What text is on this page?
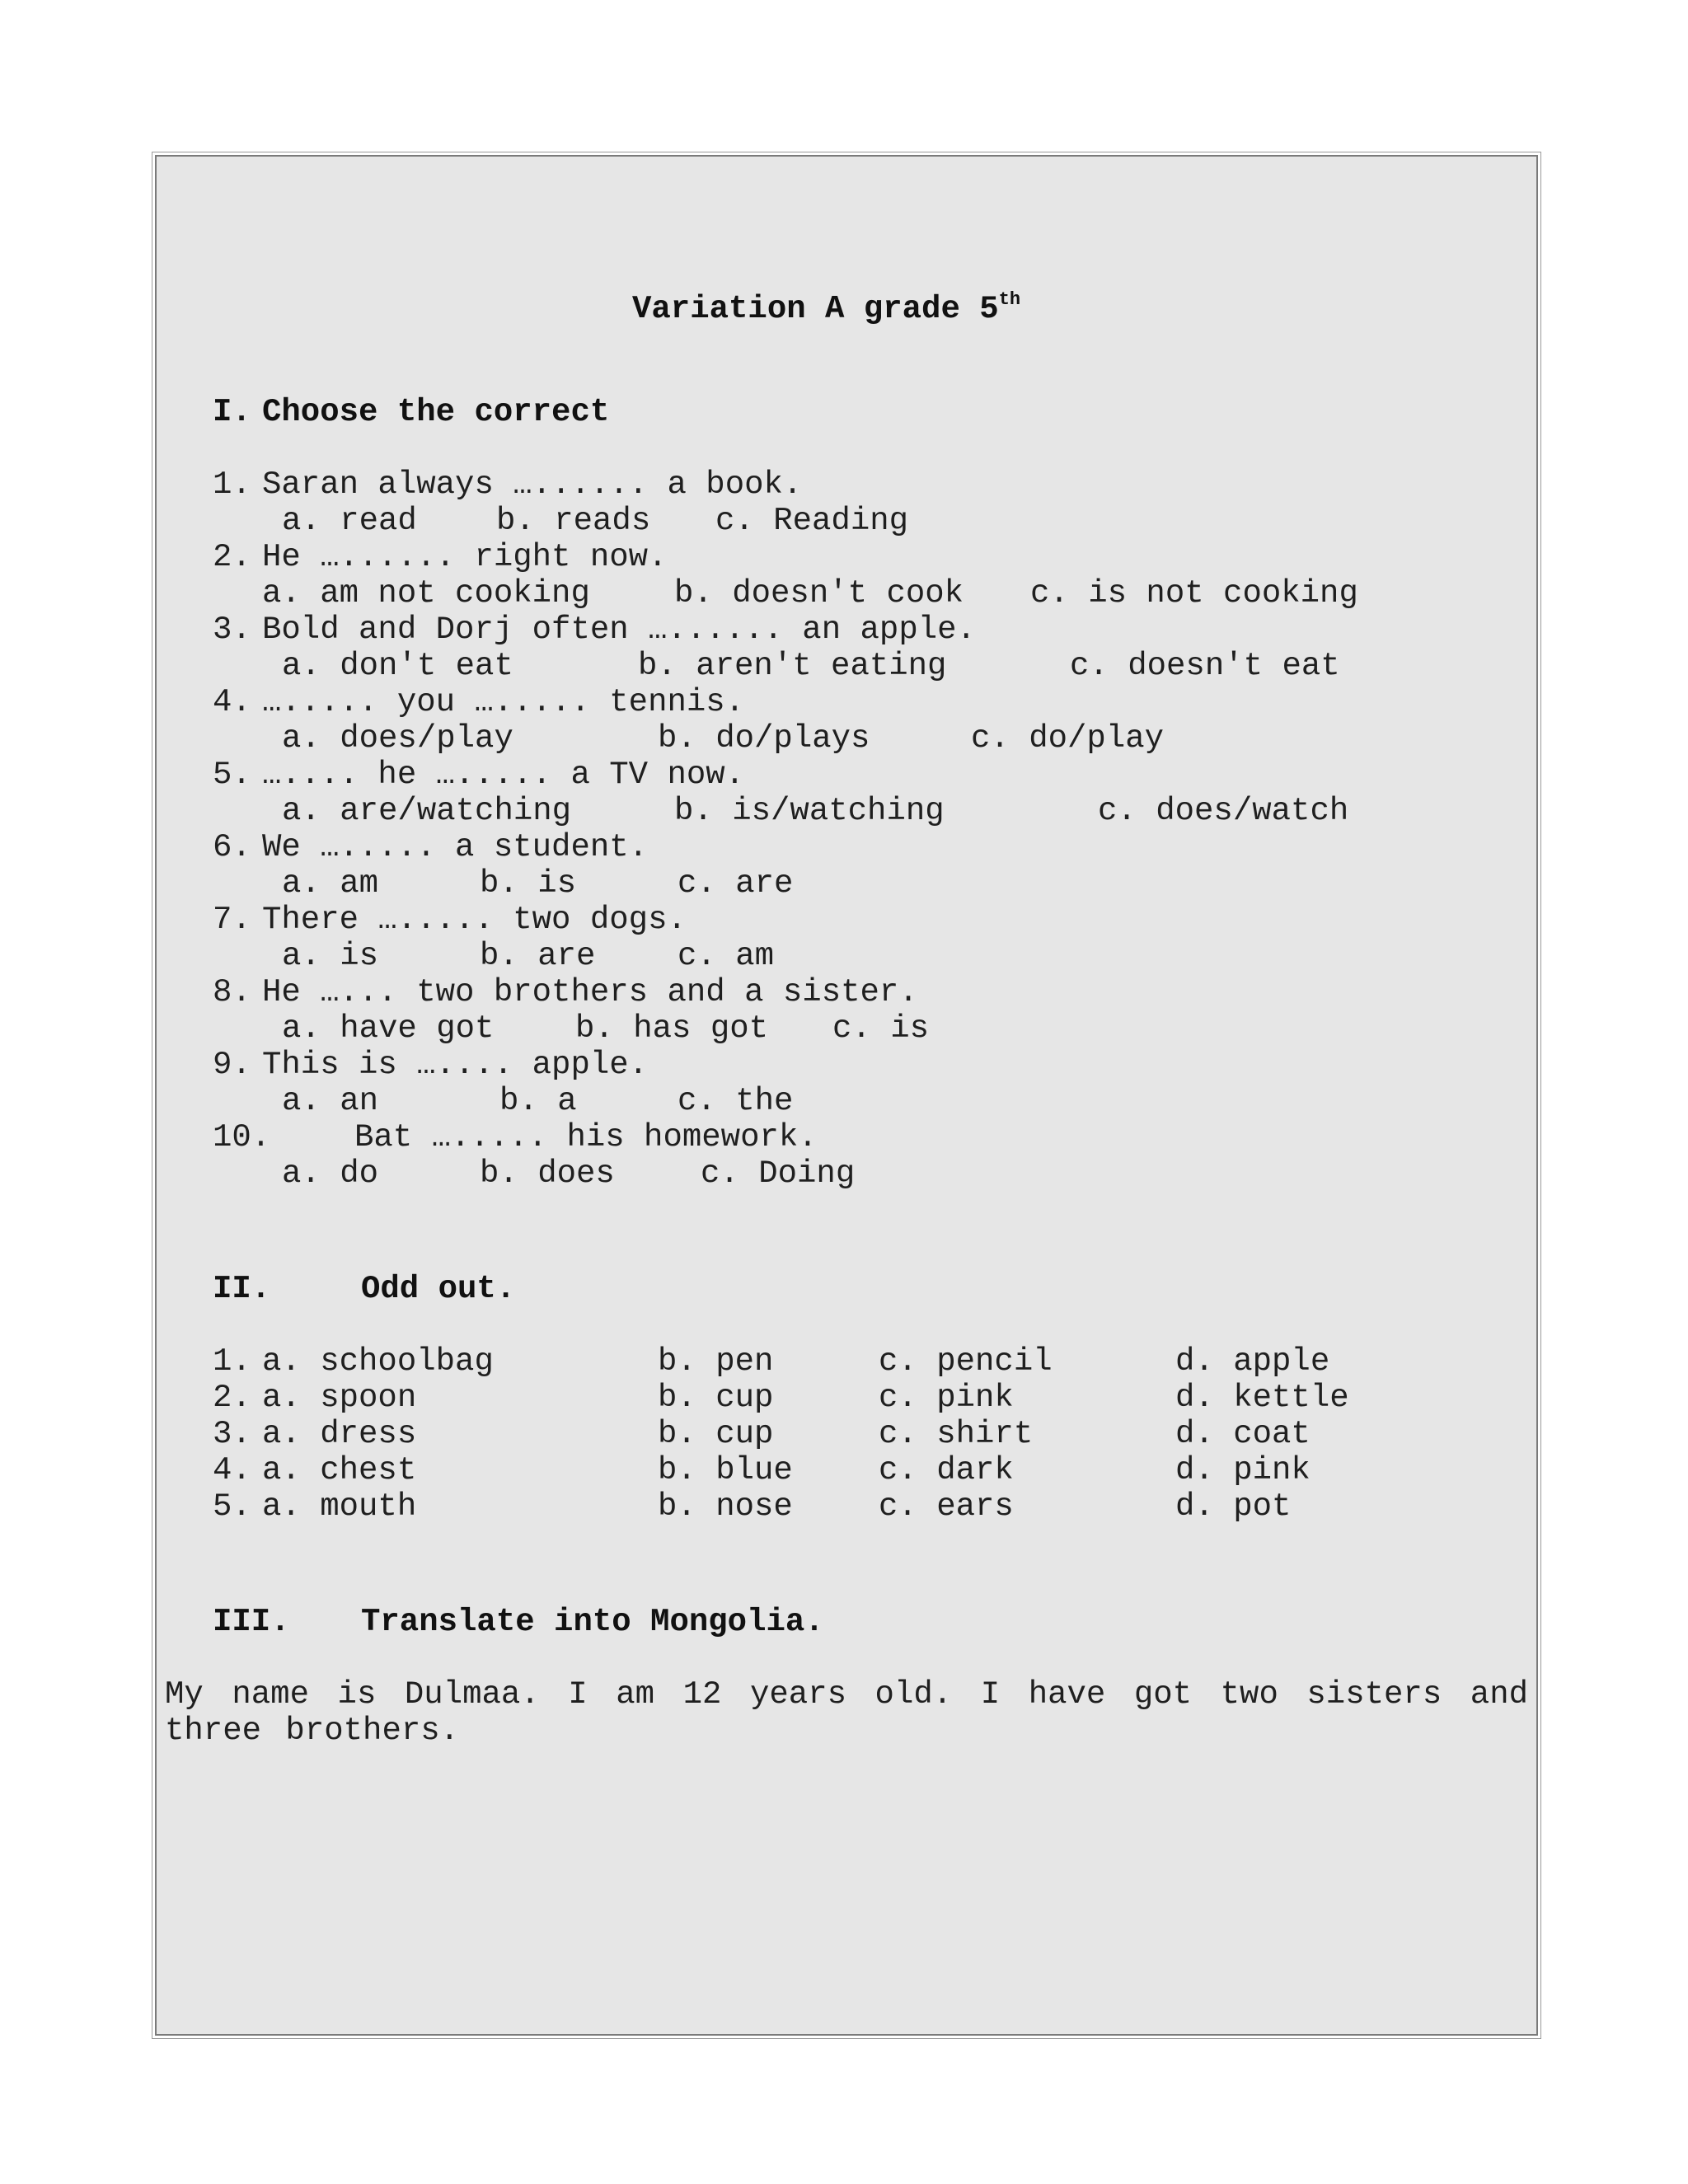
Variation A grade 5th
I. Choose the correct
1. Saran always …...... a book.
a. read b. reads c. Reading
2. He …...... right now.
a. am not cooking	b. doesn't cook c. is not cooking
3. Bold and Dorj often …...... an apple.
a. don't eat	b. aren't eating	c. doesn't eat
4. …..... you …..... tennis.
a. does/play	b. do/plays	c. do/play
5. ….... he …..... a TV now.
a. are/watching	b. is/watching	c. does/watch
6. We …..... a student.
a. am	b. is	c. are
7. There …..... two dogs.
a. is	b. are	c. am
8. He …... two brothers and a sister.
a. have got	b. has got c. is
9. This is ….... apple.
a. an	b. a	c. the
10.	Bat …..... his homework.
a. do	b. does	c. Doing
II.	Odd out.
1. a. schoolbag	b. pen	c. pencil	d. apple
2. a. spoon	b. cup	c. pink	d. kettle
3. a. dress	b. cup	c. shirt	d. coat
4. a. chest	b. blue	c. dark	d. pink
5. a. mouth	b. nose	c. ears	d. pot
III. Translate into Mongolia.

My name is Dulmaa. I am 12 years old. I have got two sisters and three brothers.
